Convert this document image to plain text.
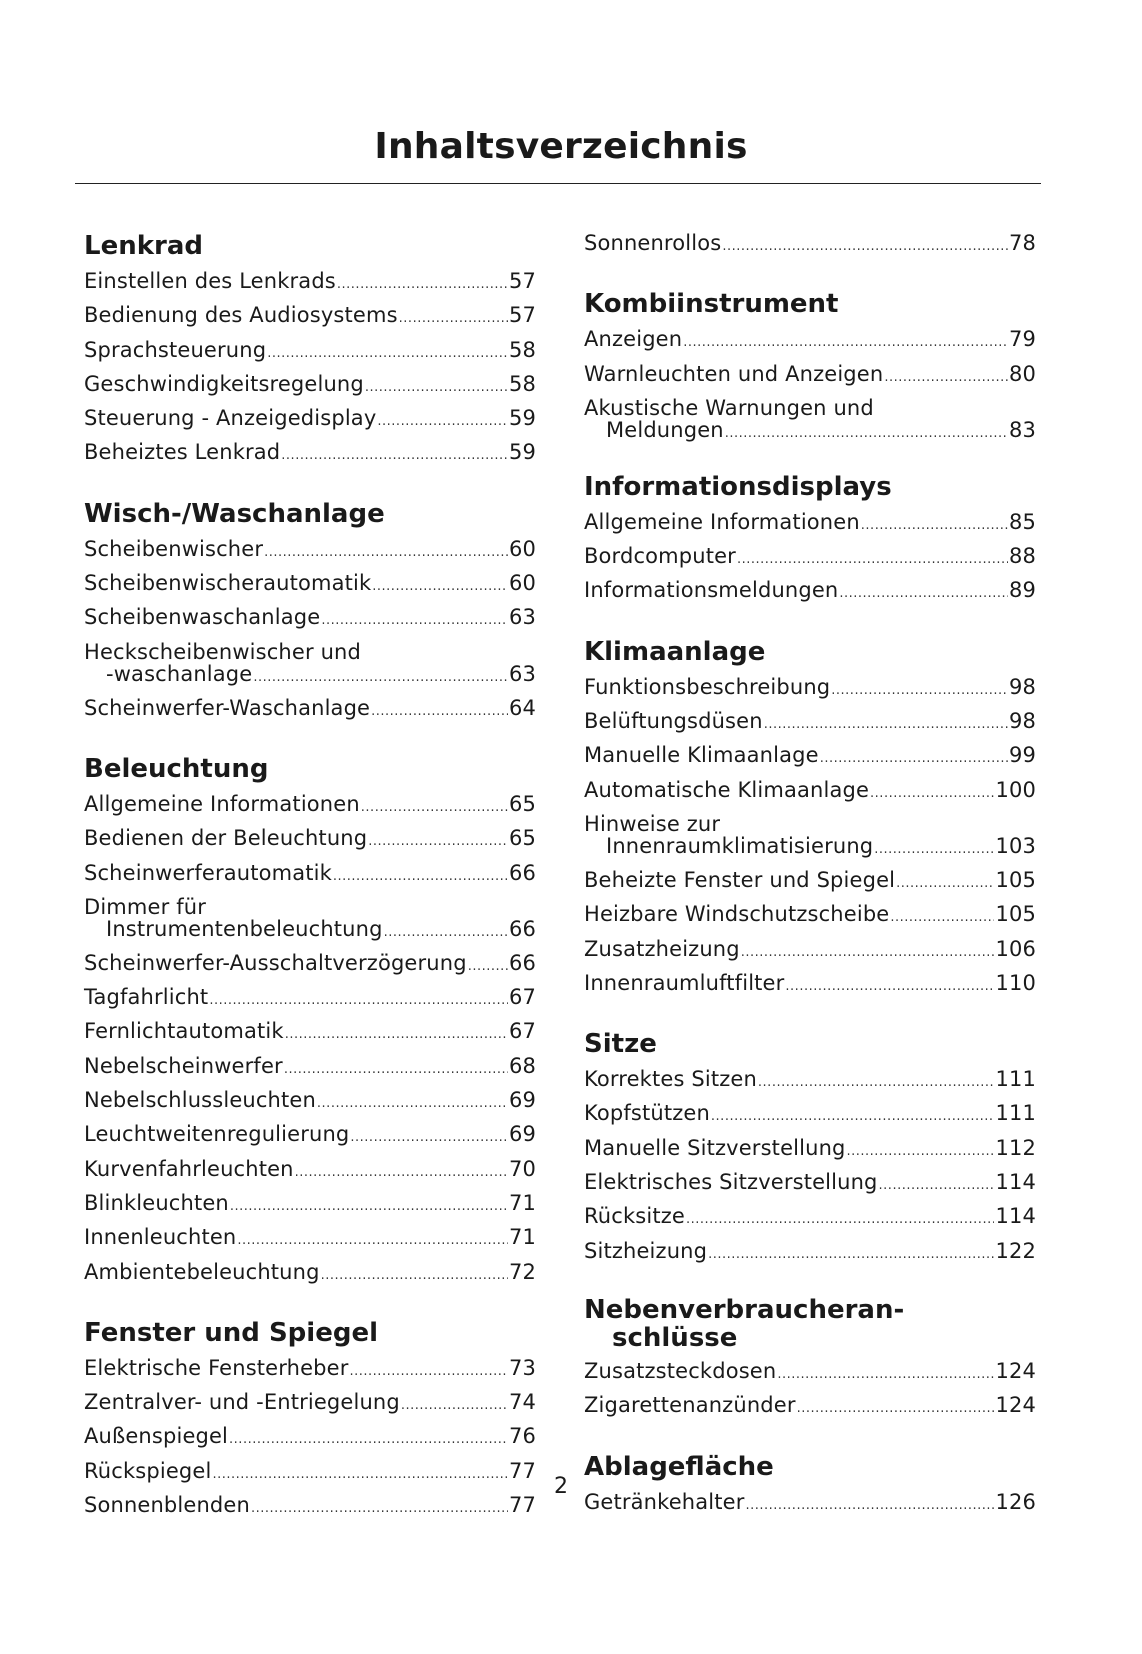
Inhaltsverzeichnis
Lenkrad
Einstellen des Lenkrads .....	57
Bedienung des Audiosystems .....	57
Sprachsteuerung .....	58
Geschwindigkeitsregelung .....	58
Steuerung - Anzeigedisplay .....	59
Beheiztes Lenkrad .....	59
Wisch-/Waschanlage
Scheibenwischer .....	60
Scheibenwischerautomatik .....	60
Scheibenwaschanlage .....	63
Heckscheibenwischer und
-waschanlage .....	63
Scheinwerfer-Waschanlage .....	64
Beleuchtung
Allgemeine Informationen .....	65
Bedienen der Beleuchtung .....	65
Scheinwerferautomatik .....	66
Dimmer für
Instrumentenbeleuchtung .....	66
Scheinwerfer-Ausschaltverzögerung ..... 66
Tagfahrlicht .....	67
Fernlichtautomatik .....	67
Nebelscheinwerfer .....	68
Nebelschlussleuchten .....	69
Leuchtweitenregulierung .....	69
Kurvenfahrleuchten .....	70
Blinkleuchten .....	71
Innenleuchten .....	71
Ambientebeleuchtung .....	72
Fenster und Spiegel
Elektrische Fensterheber .....	73
Zentralver- und -Entriegelung .....	74
Außenspiegel .....	76
Rückspiegel .....	77
Sonnenblenden .....	77
Sonnenrollos .....	78
Kombiinstrument
Anzeigen .....	79
Warnleuchten und Anzeigen .....	80
Akustische Warnungen und
Meldungen .....	83
Informationsdisplays
Allgemeine Informationen .....	85
Bordcomputer .....	88
Informationsmeldungen .....	89
Klimaanlage
Funktionsbeschreibung .....	98
Belüftungsdüsen .....	98
Manuelle Klimaanlage .....	99
Automatische Klimaanlage .....	100
Hinweise zur
Innenraumklimatisierung .....	103
Beheizte Fenster und Spiegel .....	105
Heizbare Windschutzscheibe .....	105
Zusatzheizung .....	106
Innenraumluftfilter .....	110
Sitze
Korrektes Sitzen .....	111
Kopfstützen .....	111
Manuelle Sitzverstellung .....	112
Elektrisches Sitzverstellung .....	114
Rücksitze .....	114
Sitzheizung .....	122
Nebenverbraucheran-
schlüsse
Zusatzsteckdosen .....	124
Zigarettenanzünder .....	124
Ablagefläche
Getränkehalter .....	126
2
